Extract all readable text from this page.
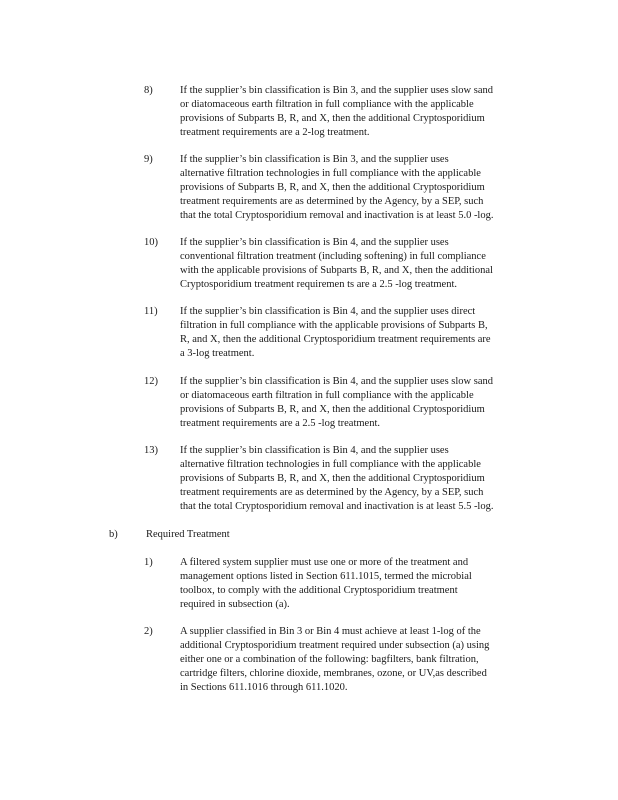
8)	If the supplier’s bin classification is Bin 3, and the supplier uses slow sand
or diatomaceous earth filtration in full compliance with the applicable
provisions of Subparts B, R, and X, then the additional Cryptosporidium
treatment requirements are a 2-log treatment.
9)	If the supplier’s bin classification is Bin 3, and the supplier uses
alternative filtration technologies in full compliance with the applicable
provisions of Subparts B, R, and X, then the additional Cryptosporidium
treatment requirements are as determined by the Agency, by a SEP, such
that the total Cryptosporidium removal and inactivation is at least 5.0 -log.
10) If the supplier’s bin classification is Bin 4, and the supplier uses
conventional filtration treatment (including softening) in full compliance
with the applicable provisions of Subparts B, R, and X, then the additional
Cryptosporidium treatment requiremen ts are a 2.5 -log treatment.
11) If the supplier’s bin classification is Bin 4, and the supplier uses direct
filtration in full compliance with the applicable provisions of Subparts B,
R, and X, then the additional Cryptosporidium treatment requirements are
a 3-log treatment.
12) If the supplier’s bin classification is Bin 4, and the supplier uses slow sand
or diatomaceous earth filtration in full compliance with the applicable
provisions of Subparts B, R, and X, then the additional Cryptosporidium
treatment requirements are a 2.5 -log treatment.
13) If the supplier’s bin classification is Bin 4, and the supplier uses
alternative filtration technologies in full compliance with the applicable
provisions of Subparts B, R, and X, then the additional Cryptosporidium
treatment requirements are as determined by the Agency, by a SEP, such
that the total Cryptosporidium removal and inactivation is at least 5.5 -log.
b)	Required Treatment
1)	A filtered system supplier must use one or more of the treatment and
management options listed in Section 611.1015, termed the microbial
toolbox, to comply with the additional Cryptosporidium treatment
required in subsection (a).
2)	A supplier classified in Bin 3 or Bin 4 must achieve at least 1-log of the
additional Cryptosporidium treatment required under subsection (a) using
either one or a combination of the following: bagfilters, bank filtration,
cartridge filters, chlorine dioxide, membranes, ozone, or UV,as described
in Sections 611.1016 through 611.1020.
